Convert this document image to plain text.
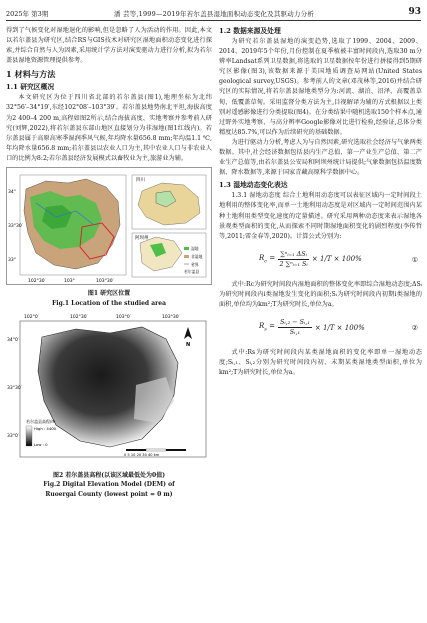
2025年 第3期	潘 芸等,1999—2019年若尔盖县湿地面积动态变化及其驱动力分析	93

得到了气候变化对湿地退化的影响,但是忽略了人为活动的作用。因此,本文以若尔盖县为研究区,结合RS与GIS技术对研究区湿地面积动态变化进行探索,并综合自然与人为因素,采用统计学方法对演变驱动力进行分析,拟为若尔盖县湿地资源管理提供参考。

1 材料与方法
1.1 研究区概况

本文研究区为位于四川省北部的若尔盖县(图1),地理坐标为北纬32°56′–34°19′,东经102°08′–103°39′。若尔盖县地势南北平坦,海拔高度为2 400–4 200 m,高程如图2所示,结合海拔高度、实地考察并参考前人研究(刘辉,2022),将若尔盖县东部山地区直接划分为非湿地(图1红线内)。若尔盖县属于高原高寒季湿润季风气候,年均降水量656.8 mm;年均温1.1 ℃,年均降水量656.8 mm;若尔盖县以农业人口为主,其中农业人口与非农业人口的比例为8:2;若尔盖县经济发展模式以畜牧业为主,旅游业为辅。

34°
33°30′
33°
102°30′	103°	103°30′
四川
阿坝州
湿地
非湿地
省界
若尔盖县
图1 研究区位置
Fig.1 Location of the studied area
102°0′	102°30′	103°0′	103°30′
34°0′
33°30′
33°0′
N
若尔盖县高程/m
High : 4400
Low : 0
0 5 10 20 30 40 km
图2 若尔盖县高程(以该区域最低处为0值)
Fig.2 Digital Elevation Model (DEM) of
Ruoergai County (lowest point = 0 m)
1.2 数据来源及处理

为研究若尔盖县湿地的演变趋势,选取了1999、2004、2009、2014、2019年5个年份,月份控制在夏季植被丰富时间段内,选取30 m分辨率Landsat系列卫星数据,将选取的卫星数据按年份进行拼接得到5期研究区影像(图3),该数据来源于美国地质调查局网站(United States geological survey,USGS)。参考前人的文章(邓茂林等,2016)并结合研究区的实际情况,将若尔盖县湿地类型分为:河流、湖泊、沼泽、高覆盖草甸、低覆盖草甸。采用监督分类方法为主,目视解译为辅的方式根据以上类别对遥感影像进行分类提取(图4)。在分类结果中随机选取150个样本点,通过野外实地考察、与高分辨率Google影像对比进行检验,经验证,总体分类精度达85.7%,可以作为后续研究的基础数据。

为进行驱动力分析,考虑人为与自然因素,研究选取社会经济与气象两类数据。其中,社会经济数据包括县内生产总值、第一产业生产总值、第二产业生产总值等,由若尔盖县公安局和阿坝州统计局提供;气象数据包括温度数据、降水数据等,来源于国家青藏高原科学数据中心。

1.3 湿地动态变化表达

1.3.1 湿地动态度 综合土地利用动态度可以表征区域内一定时间段土地利用的整体变化率,而单一土地利用动态度是对区域内一定时间范围内某种土地利用类型变化速度的定量描述。研究采用两种动态度来表示湿地各景观类型面积的变化,从而探索不同时期湿地面积变化的剧烈程度(李传哲等,2011;雷金春等,2020)。计算公式分别为:

$R_c = \frac{\text{∑ⁿᵢ₌₁ ΔSᵢ}}{\text{2 ∑ⁿᵢ₌₁ Sᵢ}} \times 1/T \times 100\%$	①

式中:Rc为研究时间段内湿地面积的整体变化率即综合湿地动态度;ΔSᵢ为研究时间段内i类湿地发生变化的面积;Sᵢ为研究时间段内初期i类湿地的面积,单位均为km²;T为研究时长,单位为a。

$R_s = \frac{\text{Sᵢ,₂ − Sᵢ,₁}}{\text{Sᵢ,₁}} \times 1/T \times 100\%$	②

式中:Rs为研究时间段内某类湿地面积的变化率即单一湿地动态度;Sᵢ,₁、Sᵢ,₂分别为研究时间段内初、末期某类湿地类型面积,单位为km²;T为研究时长,单位为a。
